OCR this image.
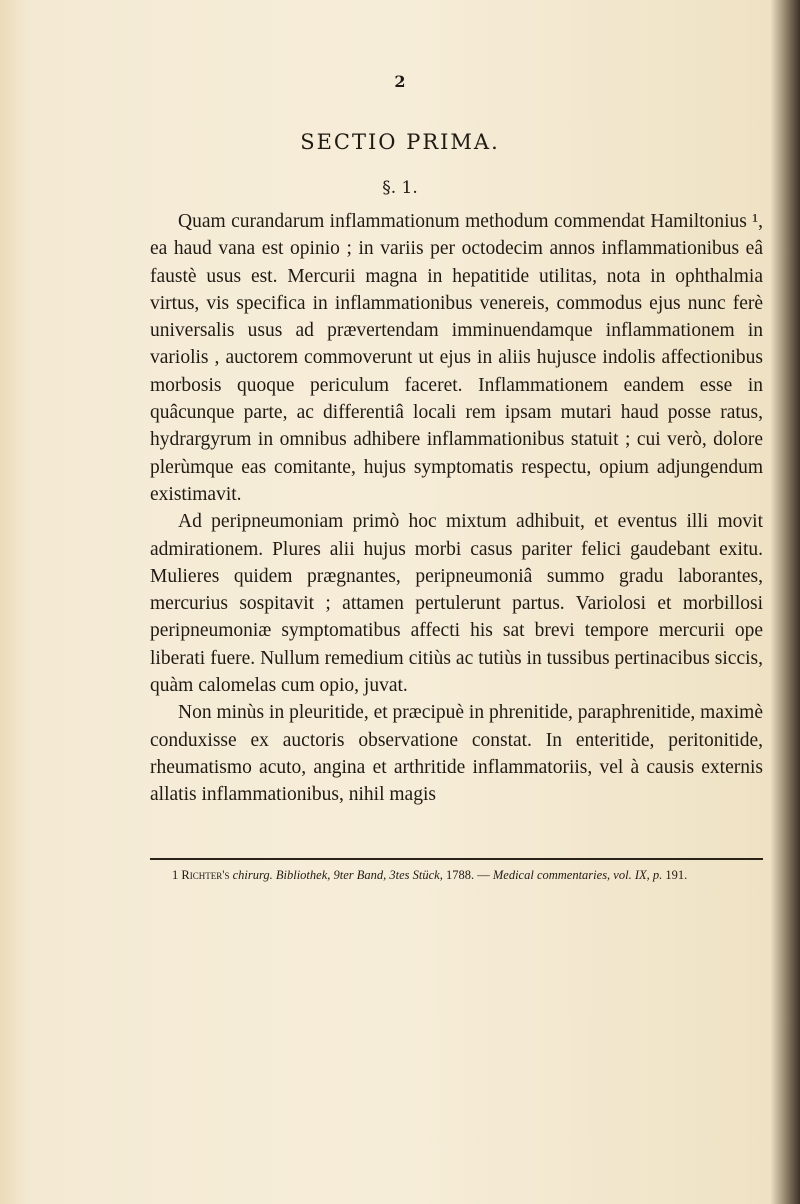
2
SECTIO PRIMA.
§. 1.

Quam curandarum inflammationum methodum commendat Hamiltonius ¹, ea haud vana est opinio ; in variis per octodecim annos inflammationibus eâ faustè usus est. Mercurii magna in hepatitide utilitas, nota in ophthalmia virtus, vis specifica in inflammationibus venereis, commodus ejus nunc ferè universalis usus ad prævertendam imminuendamque inflammationem in variolis , auctorem commoverunt ut ejus in aliis hujusce indolis affectionibus morbosis quoque periculum faceret. Inflammationem eandem esse in quâcunque parte, ac differentiâ locali rem ipsam mutari haud posse ratus, hydrargyrum in omnibus adhibere inflammationibus statuit ; cui verò, dolore plerùmque eas comitante, hujus symptomatis respectu, opium adjungendum existimavit.

Ad peripneumoniam primò hoc mixtum adhibuit, et eventus illi movit admirationem. Plures alii hujus morbi casus pariter felici gaudebant exitu. Mulieres quidem prægnantes, peripneumoniâ summo gradu laborantes, mercurius sospitavit ; attamen pertulerunt partus. Variolosi et morbillosi peripneumoniæ symptomatibus affecti his sat brevi tempore mercurii ope liberati fuere. Nullum remedium citiùs ac tutiùs in tussibus pertinacibus siccis, quàm calomelas cum opio, juvat.

Non minùs in pleuritide, et præcipuè in phrenitide, paraphrenitide, maximè conduxisse ex auctoris observatione constat. In enteritide, peritonitide, rheumatismo acuto, angina et arthritide inflammatoriis, vel à causis externis allatis inflammationibus, nihil magis

1 Richter's chirurg. Bibliothek, 9ter Band, 3tes Stück, 1788. — Medical commentaries, vol. IX, p. 191.
